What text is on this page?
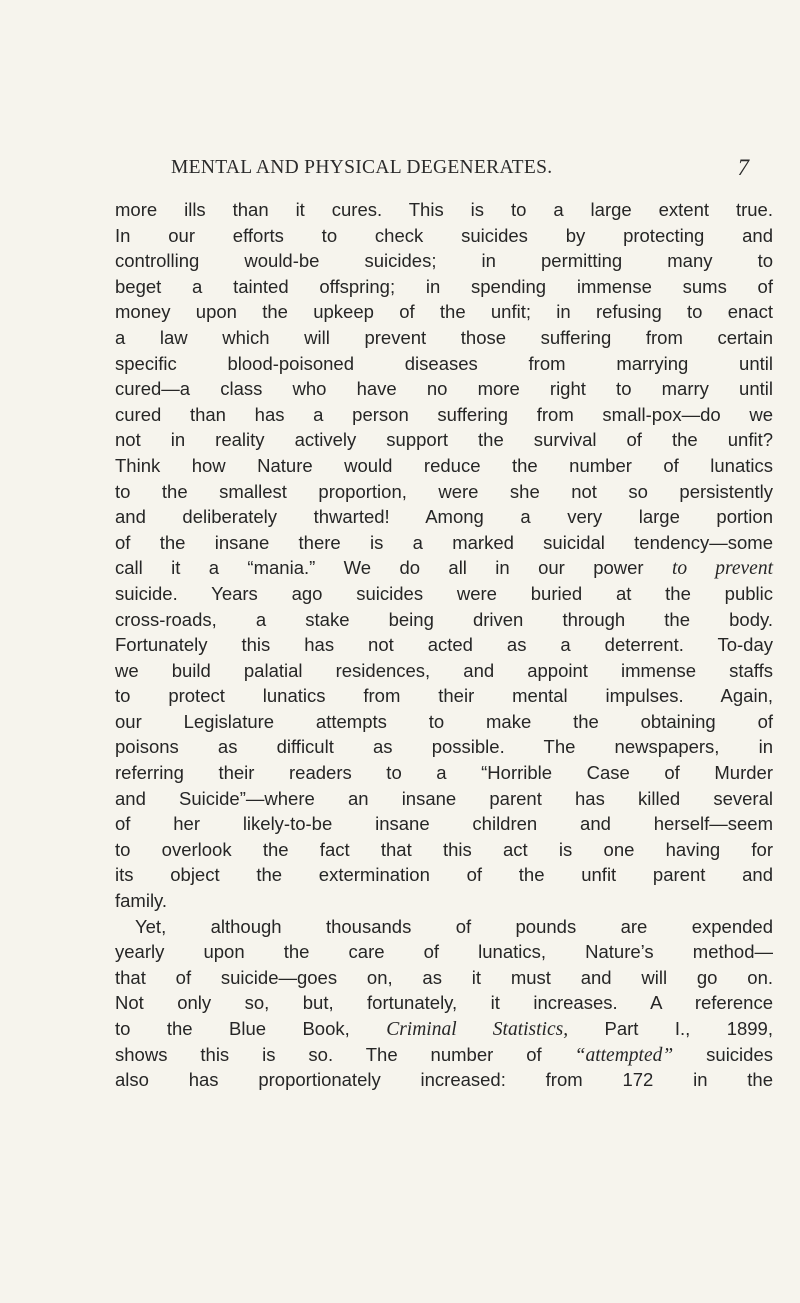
MENTAL AND PHYSICAL DEGENERATES.	7
more ills than it cures. This is to a large extent true.
In our efforts to check suicides by protecting and
controlling would-be suicides; in permitting many to
beget a tainted offspring; in spending immense sums of
money upon the upkeep of the unfit; in refusing to enact
a law which will prevent those suffering from certain
specific blood-poisoned diseases from marrying until
cured—a class who have no more right to marry until
cured than has a person suffering from small-pox—do we
not in reality actively support the survival of the unfit?
Think how Nature would reduce the number of lunatics
to the smallest proportion, were she not so persistently
and deliberately thwarted! Among a very large portion
of the insane there is a marked suicidal tendency—some
call it a “mania.” We do all in our power to prevent
suicide. Years ago suicides were buried at the public
cross-roads, a stake being driven through the body.
Fortunately this has not acted as a deterrent. To-day
we build palatial residences, and appoint immense staffs
to protect lunatics from their mental impulses. Again,
our Legislature attempts to make the obtaining of
poisons as difficult as possible. The newspapers, in
referring their readers to a “Horrible Case of Murder
and Suicide”—where an insane parent has killed several
of her likely-to-be insane children and herself—seem
to overlook the fact that this act is one having for
its object the extermination of the unfit parent and
family.
Yet, although thousands of pounds are expended
yearly upon the care of lunatics, Nature’s method—
that of suicide—goes on, as it must and will go on.
Not only so, but, fortunately, it increases. A reference
to the Blue Book, Criminal Statistics, Part I., 1899,
shows this is so. The number of “attempted” suicides
also has proportionately increased: from 172 in the
